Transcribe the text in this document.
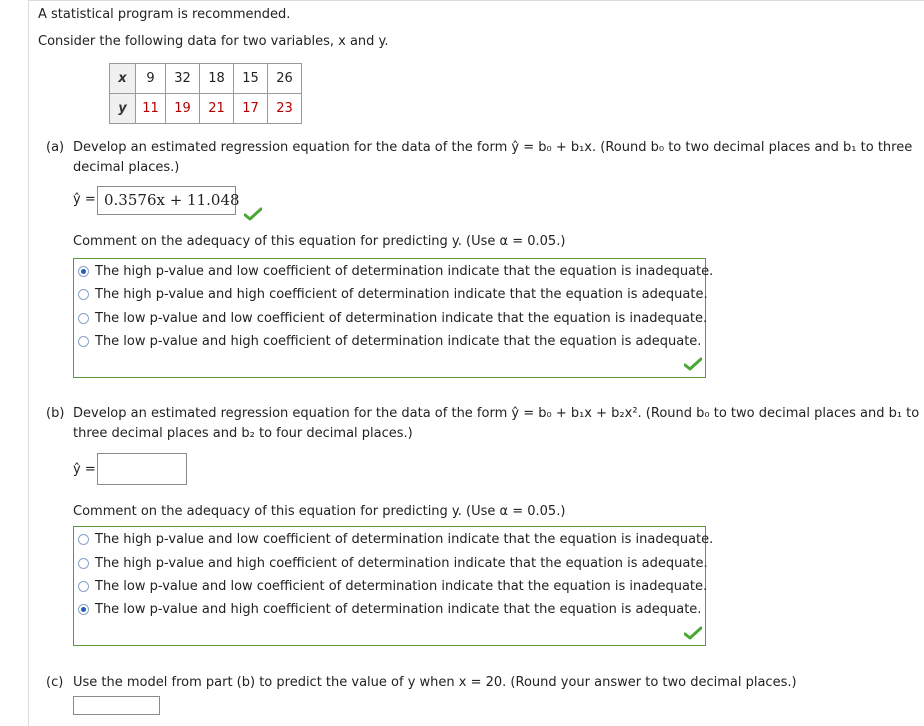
A statistical program is recommended.
Consider the following data for two variables, x and y.
x	9	32	18	15	26
y	11	19	21	17	23
(a) Develop an estimated regression equation for the data of the form ŷ = b₀ + b₁x. (Round b₀ to two decimal places and b₁ to three
decimal places.)
ŷ = 0.3576x + 11.048
Comment on the adequacy of this equation for predicting y. (Use α = 0.05.)
The high p-value and low coefficient of determination indicate that the equation is inadequate.
The high p-value and high coefficient of determination indicate that the equation is adequate.
The low p-value and low coefficient of determination indicate that the equation is inadequate.
The low p-value and high coefficient of determination indicate that the equation is adequate.
(b) Develop an estimated regression equation for the data of the form ŷ = b₀ + b₁x + b₂x². (Round b₀ to two decimal places and b₁ to
three decimal places and b₂ to four decimal places.)
ŷ =
Comment on the adequacy of this equation for predicting y. (Use α = 0.05.)
The high p-value and low coefficient of determination indicate that the equation is inadequate.
The high p-value and high coefficient of determination indicate that the equation is adequate.
The low p-value and low coefficient of determination indicate that the equation is inadequate.
The low p-value and high coefficient of determination indicate that the equation is adequate.
(c) Use the model from part (b) to predict the value of y when x = 20. (Round your answer to two decimal places.)
